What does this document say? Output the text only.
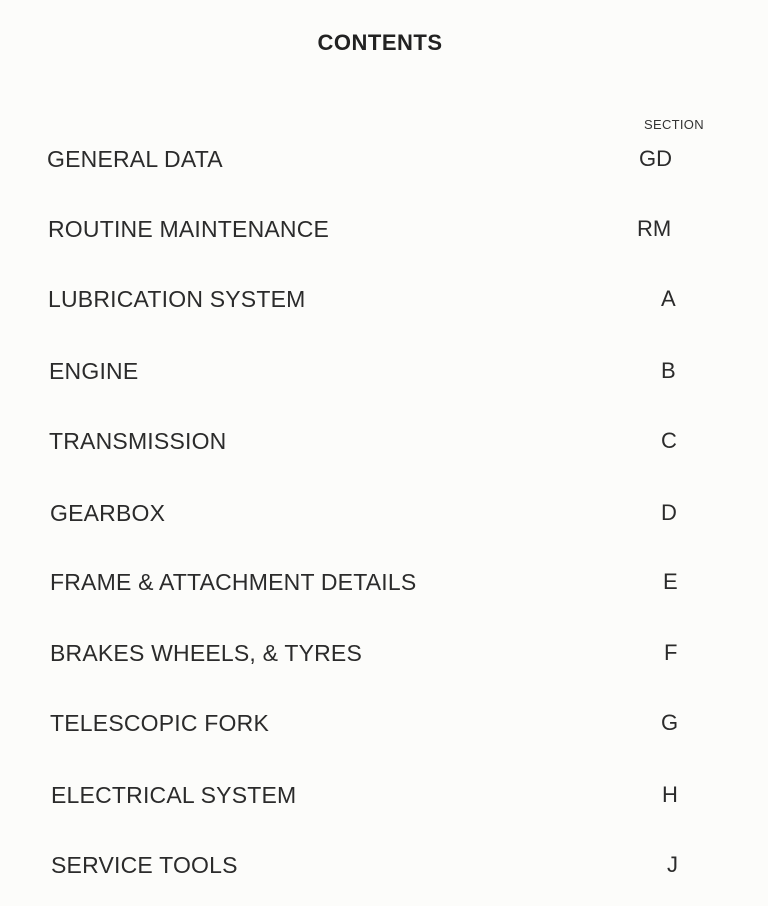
CONTENTS
SECTION
GENERAL DATA	GD
ROUTINE MAINTENANCE	RM
LUBRICATION SYSTEM	A
ENGINE	B
TRANSMISSION	C
GEARBOX	D
FRAME & ATTACHMENT DETAILS	E
BRAKES WHEELS, & TYRES	F
TELESCOPIC FORK	G
ELECTRICAL SYSTEM	H
SERVICE TOOLS	J
